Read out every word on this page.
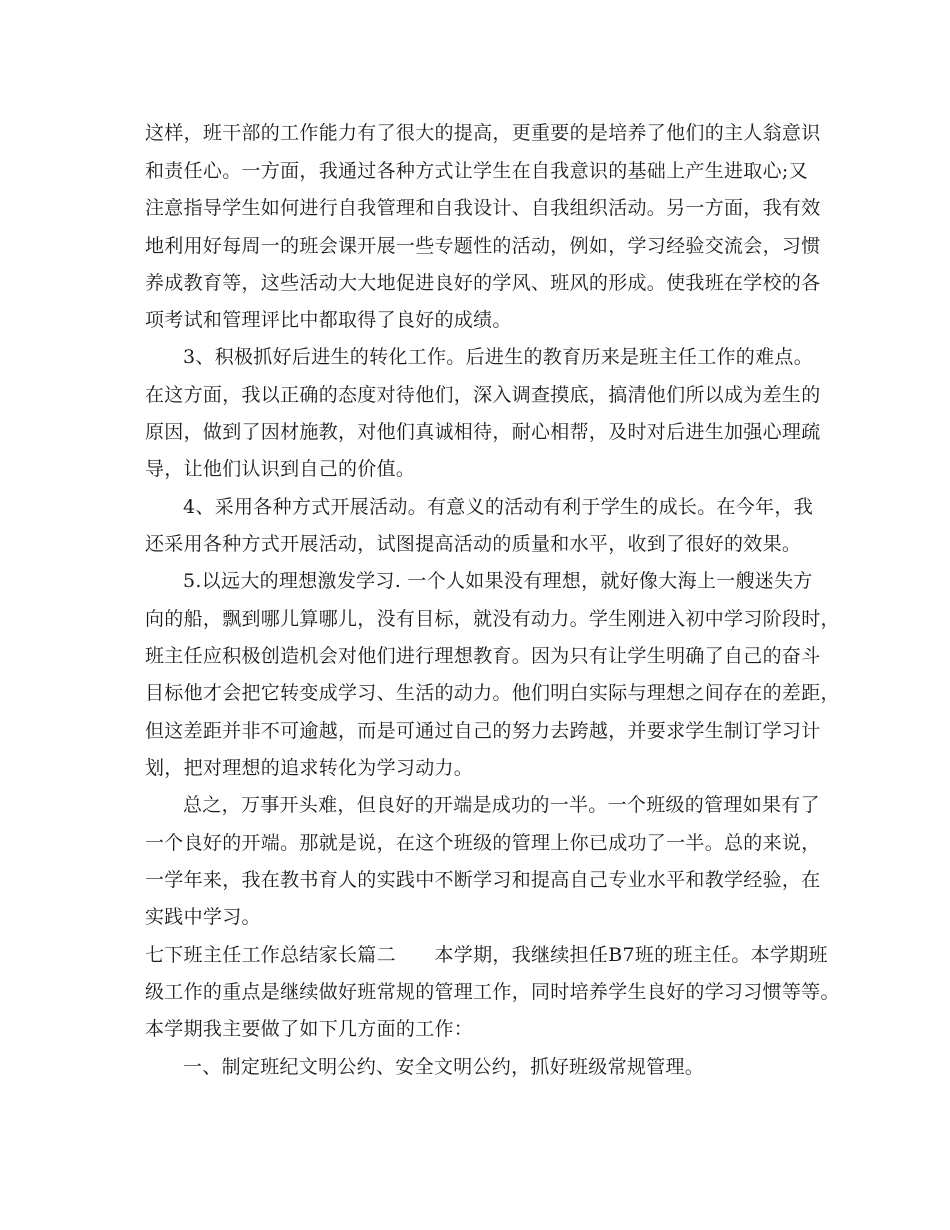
这样，班干部的工作能力有了很大的提高，更重要的是培养了他们的主人翁意识
和责任心。一方面，我通过各种方式让学生在自我意识的基础上产生进取心;又
注意指导学生如何进行自我管理和自我设计、自我组织活动。另一方面，我有效
地利用好每周一的班会课开展一些专题性的活动，例如，学习经验交流会，习惯
养成教育等，这些活动大大地促进良好的学风、班风的形成。使我班在学校的各
项考试和管理评比中都取得了良好的成绩。
3、积极抓好后进生的转化工作。后进生的教育历来是班主任工作的难点。
在这方面，我以正确的态度对待他们，深入调查摸底，搞清他们所以成为差生的
原因，做到了因材施教，对他们真诚相待，耐心相帮，及时对后进生加强心理疏
导，让他们认识到自己的价值。
4、采用各种方式开展活动。有意义的活动有利于学生的成长。在今年，我
还采用各种方式开展活动，试图提高活动的质量和水平，收到了很好的效果。
5.以远大的理想激发学习. 一个人如果没有理想，就好像大海上一艘迷失方
向的船，飘到哪儿算哪儿，没有目标，就没有动力。学生刚进入初中学习阶段时，
班主任应积极创造机会对他们进行理想教育。因为只有让学生明确了自己的奋斗
目标他才会把它转变成学习、生活的动力。他们明白实际与理想之间存在的差距，
但这差距并非不可逾越，而是可通过自己的努力去跨越，并要求学生制订学习计
划，把对理想的追求转化为学习动力。
总之，万事开头难，但良好的开端是成功的一半。一个班级的管理如果有了
一个良好的开端。那就是说，在这个班级的管理上你已成功了一半。总的来说，
一学年来，我在教书育人的实践中不断学习和提高自己专业水平和教学经验，在
实践中学习。
七下班主任工作总结家长篇二　　本学期，我继续担任B7班的班主任。本学期班
级工作的重点是继续做好班常规的管理工作，同时培养学生良好的学习习惯等等。
本学期我主要做了如下几方面的工作：
一、制定班纪文明公约、安全文明公约，抓好班级常规管理。
